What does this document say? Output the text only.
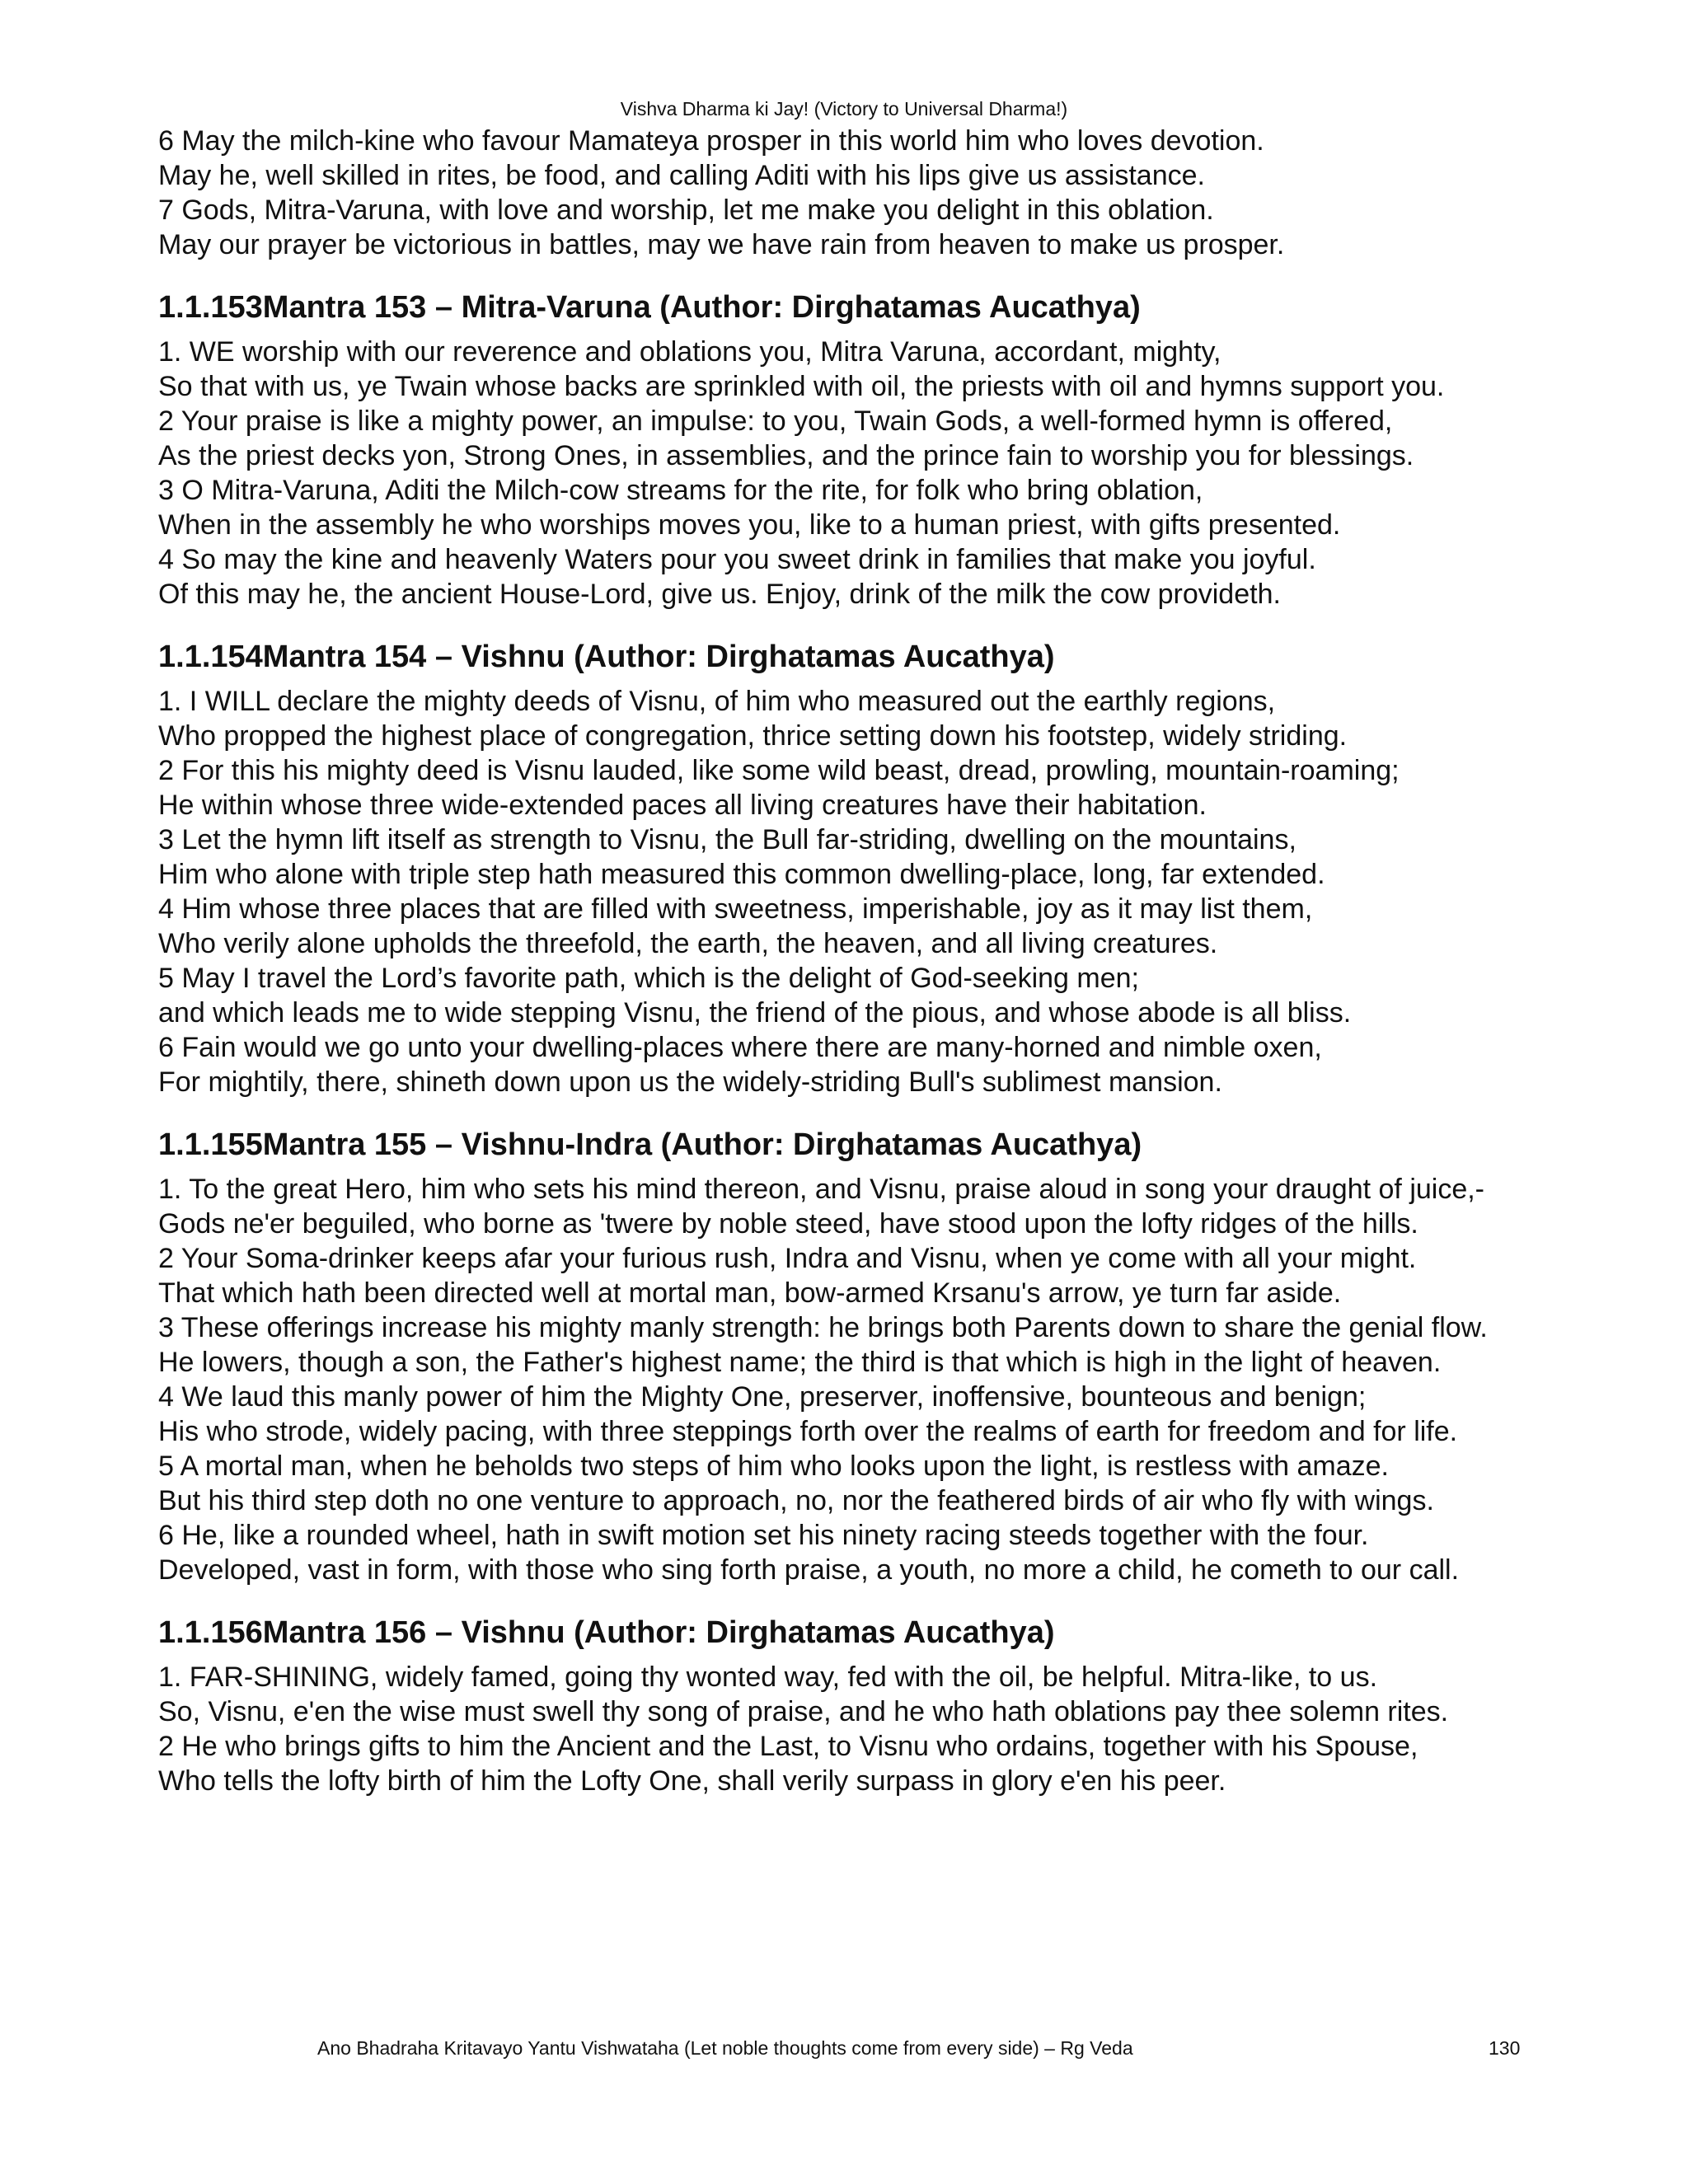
Vishva Dharma ki Jay! (Victory to Universal Dharma!)

6 May the milch-kine who favour Mamateya prosper in this world him who loves devotion.

May he, well skilled in rites, be food, and calling Aditi with his lips give us assistance.

7 Gods, Mitra-Varuna, with love and worship, let me make you delight in this oblation.

May our prayer be victorious in battles, may we have rain from heaven to make us prosper.

1.1.153Mantra 153 – Mitra-Varuna (Author: Dirghatamas Aucathya)

1. WE worship with our reverence and oblations you, Mitra Varuna, accordant, mighty,

So that with us, ye Twain whose backs are sprinkled with oil, the priests with oil and hymns support you.

2 Your praise is like a mighty power, an impulse: to you, Twain Gods, a well-formed hymn is offered,

As the priest decks yon, Strong Ones, in assemblies, and the prince fain to worship you for blessings.

3 O Mitra-Varuna, Aditi the Milch-cow streams for the rite, for folk who bring oblation,

When in the assembly he who worships moves you, like to a human priest, with gifts presented.

4 So may the kine and heavenly Waters pour you sweet drink in families that make you joyful.

Of this may he, the ancient House-Lord, give us. Enjoy, drink of the milk the cow provideth.

1.1.154Mantra 154 – Vishnu (Author: Dirghatamas Aucathya)

1. I WILL declare the mighty deeds of Visnu, of him who measured out the earthly regions,

Who propped the highest place of congregation, thrice setting down his footstep, widely striding.

2 For this his mighty deed is Visnu lauded, like some wild beast, dread, prowling, mountain-roaming;

He within whose three wide-extended paces all living creatures have their habitation.

3 Let the hymn lift itself as strength to Visnu, the Bull far-striding, dwelling on the mountains,

Him who alone with triple step hath measured this common dwelling-place, long, far extended.

4 Him whose three places that are filled with sweetness, imperishable, joy as it may list them,

Who verily alone upholds the threefold, the earth, the heaven, and all living creatures.

5 May I travel the Lord’s favorite path, which is the delight of God-seeking men;

and which leads me to wide stepping Visnu, the friend of the pious, and whose abode is all bliss.

6 Fain would we go unto your dwelling-places where there are many-horned and nimble oxen,

For mightily, there, shineth down upon us the widely-striding Bull's sublimest mansion.

1.1.155Mantra 155 – Vishnu-Indra (Author: Dirghatamas Aucathya)

1. To the great Hero, him who sets his mind thereon, and Visnu, praise aloud in song your draught of juice,-

Gods ne'er beguiled, who borne as 'twere by noble steed, have stood upon the lofty ridges of the hills.

2 Your Soma-drinker keeps afar your furious rush, Indra and Visnu, when ye come with all your might.

That which hath been directed well at mortal man, bow-armed Krsanu's arrow, ye turn far aside.

3 These offerings increase his mighty manly strength: he brings both Parents down to share the genial flow.

He lowers, though a son, the Father's highest name; the third is that which is high in the light of heaven.

4 We laud this manly power of him the Mighty One, preserver, inoffensive, bounteous and benign;

His who strode, widely pacing, with three steppings forth over the realms of earth for freedom and for life.

5 A mortal man, when he beholds two steps of him who looks upon the light, is restless with amaze.

But his third step doth no one venture to approach, no, nor the feathered birds of air who fly with wings.

6 He, like a rounded wheel, hath in swift motion set his ninety racing steeds together with the four.

Developed, vast in form, with those who sing forth praise, a youth, no more a child, he cometh to our call.

1.1.156Mantra 156 – Vishnu (Author: Dirghatamas Aucathya)

1. FAR-SHINING, widely famed, going thy wonted way, fed with the oil, be helpful. Mitra-like, to us.

So, Visnu, e'en the wise must swell thy song of praise, and he who hath oblations pay thee solemn rites.

2 He who brings gifts to him the Ancient and the Last, to Visnu who ordains, together with his Spouse,

Who tells the lofty birth of him the Lofty One, shall verily surpass in glory e'en his peer.

Ano Bhadraha Kritavayo Yantu Vishwataha (Let noble thoughts come from every side) – Rg Veda	130
